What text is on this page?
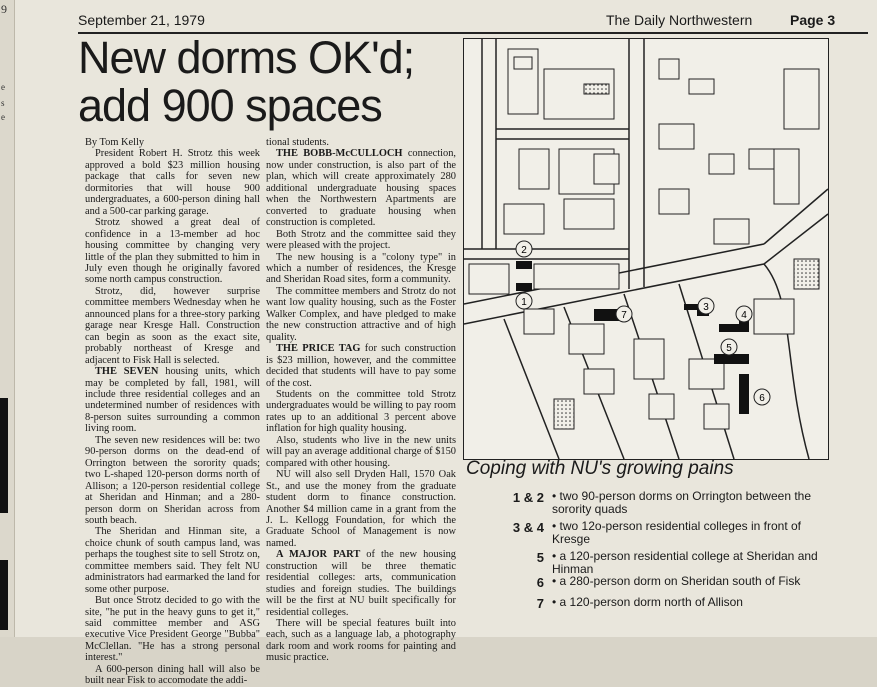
9
e
s
e
September 21, 1979	The Daily Northwestern	Page 3
New dorms OK'd;
add 900 spaces

By Tom Kelly

President Robert H. Strotz this week approved a bold $23 million housing package that calls for seven new dormitories that will house 900 undergraduates, a 600-person dining hall and a 500-car parking garage.

Strotz showed a great deal of confidence in a 13-member ad hoc housing committee by changing very little of the plan they submitted to him in July even though he originally favored some north campus construction.

Strotz, did, however surprise committee members Wednesday when he announced plans for a three-story parking garage near Kresge Hall. Construction can begin as soon as the exact site, probably northeast of Kresge and adjacent to Fisk Hall is selected.

THE SEVEN housing units, which may be completed by fall, 1981, will include three residential colleges and an undetermined number of residences with 8-person suites surrounding a common living room.

The seven new residences will be: two 90-person dorms on the dead-end of Orrington between the sorority quads; two L-shaped 120-person dorms north of Allison; a 120-person residential college at Sheridan and Hinman; and a 280-person dorm on Sheridan across from south beach.

The Sheridan and Hinman site, a choice chunk of south campus land, was perhaps the toughest site to sell Strotz on, committee members said. They felt NU administrators had earmarked the land for some other purpose.

But once Strotz decided to go with the site, "he put in the heavy guns to get it," said committee member and ASG executive Vice President George "Bubba" McClellan. "He has a strong personal interest."

A 600-person dining hall will also be built near Fisk to accomodate the addi-

tional students.

THE BOBB-McCULLOCH connection, now under construction, is also part of the plan, which will create approximately 280 additional undergraduate housing spaces when the Northwestern Apartments are converted to graduate housing when construction is completed.

Both Strotz and the committee said they were pleased with the project.

The new housing is a "colony type" in which a number of residences, the Kresge and Sheridan Road sites, form a community.

The committee members and Strotz do not want low quality housing, such as the Foster Walker Complex, and have pledged to make the new construction attractive and of high quality.

THE PRICE TAG for such construction is $23 million, however, and the committee decided that students will have to pay some of the cost.

Students on the committee told Strotz undergraduates would be willing to pay room rates up to an additional 3 percent above inflation for high quality housing.

Also, students who live in the new units will pay an average additional charge of $150 compared with other housing.

NU will also sell Dryden Hall, 1570 Oak St., and use the money from the graduate student dorm to finance construction. Another $4 million came in a grant from the J. L. Kellogg Foundation, for which the Graduate School of Management is now named.

A MAJOR PART of the new housing construction will be three thematic residential colleges: arts, communication studies and foreign studies. The buildings will be the first at NU built specifically for residential colleges.

There will be special features built into each, such as a language lab, a photography dark room and work rooms for painting and music practice.

1
2
3
4
5
6
7
Coping with NU's growing pains
1 & 2 • two 90-person dorms on Orrington between the sorority quads
3 & 4 • two 12o-person residential colleges in front of Kresge
5 • a 120-person residential college at Sheridan and Hinman
6 • a 280-person dorm on Sheridan south of Fisk
7 • a 120-person dorm north of Allison
